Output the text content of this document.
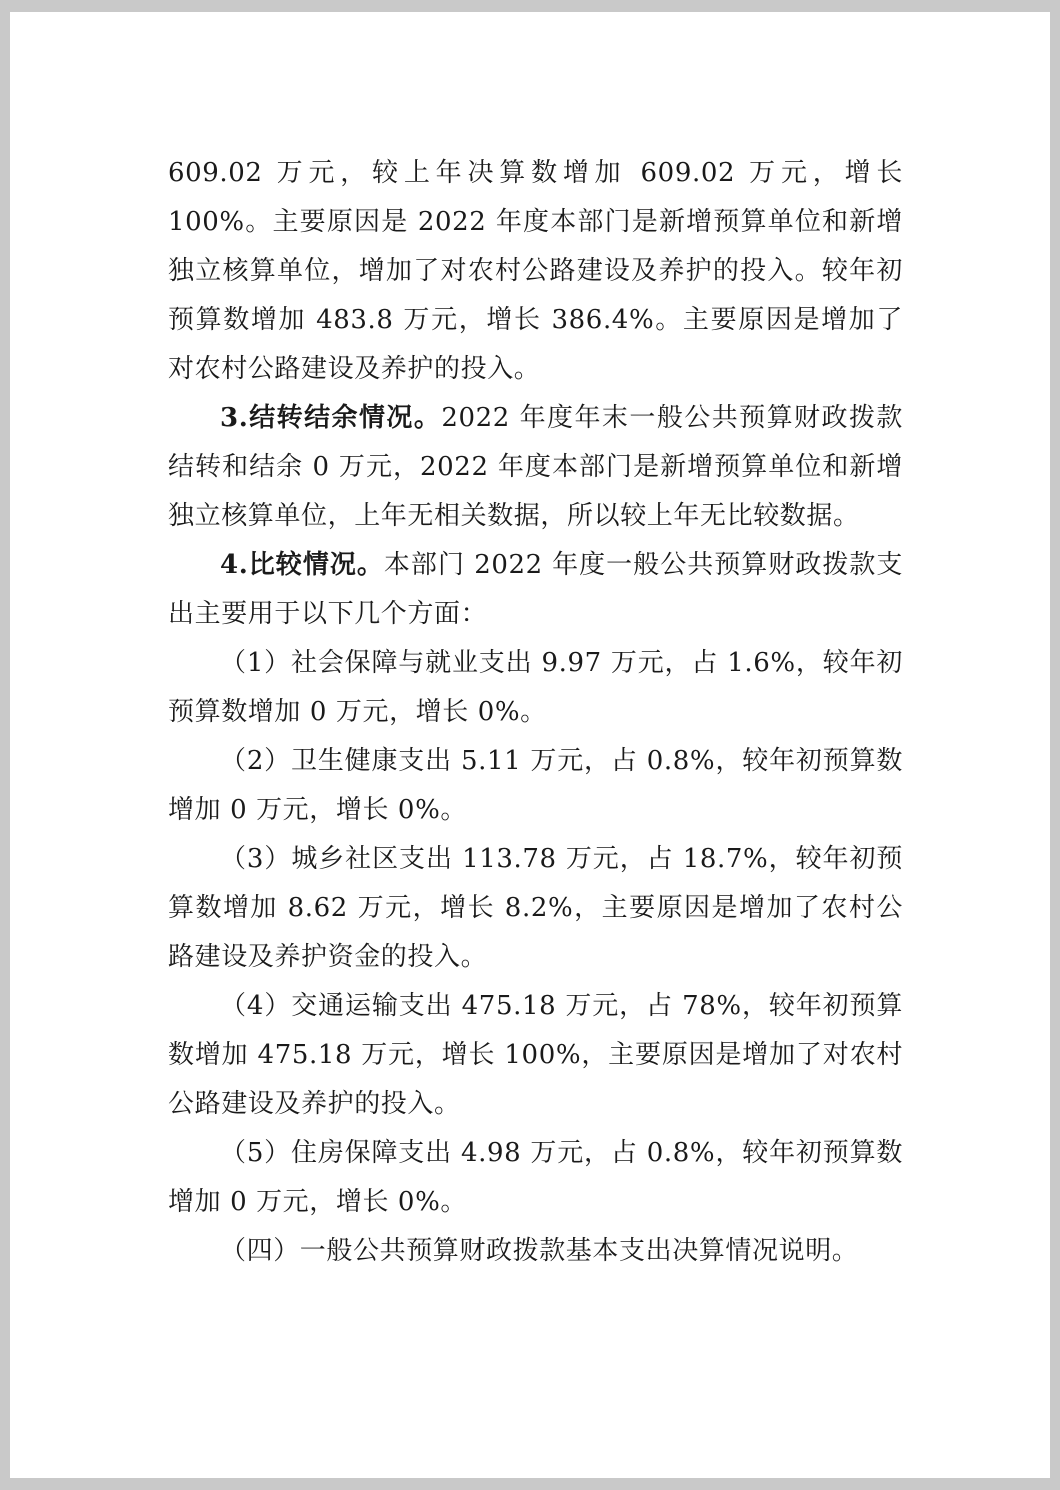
609.02 万元，较上年决算数增加 609.02 万元，增长 100%。主要原因是 2022 年度本部门是新增预算单位和新增独立核算单位，增加了对农村公路建设及养护的投入。较年初预算数增加 483.8 万元，增长 386.4%。主要原因是增加了对农村公路建设及养护的投入。

3.结转结余情况。2022 年度年末一般公共预算财政拨款结转和结余 0 万元，2022 年度本部门是新增预算单位和新增独立核算单位，上年无相关数据，所以较上年无比较数据。

4.比较情况。本部门 2022 年度一般公共预算财政拨款支出主要用于以下几个方面：

（1）社会保障与就业支出 9.97 万元，占 1.6%，较年初预算数增加 0 万元，增长 0%。

（2）卫生健康支出 5.11 万元，占 0.8%，较年初预算数增加 0 万元，增长 0%。

（3）城乡社区支出 113.78 万元，占 18.7%，较年初预算数增加 8.62 万元，增长 8.2%，主要原因是增加了农村公路建设及养护资金的投入。

（4）交通运输支出 475.18 万元，占 78%，较年初预算数增加 475.18 万元，增长 100%，主要原因是增加了对农村公路建设及养护的投入。

（5）住房保障支出 4.98 万元，占 0.8%，较年初预算数增加 0 万元，增长 0%。

（四）一般公共预算财政拨款基本支出决算情况说明。
